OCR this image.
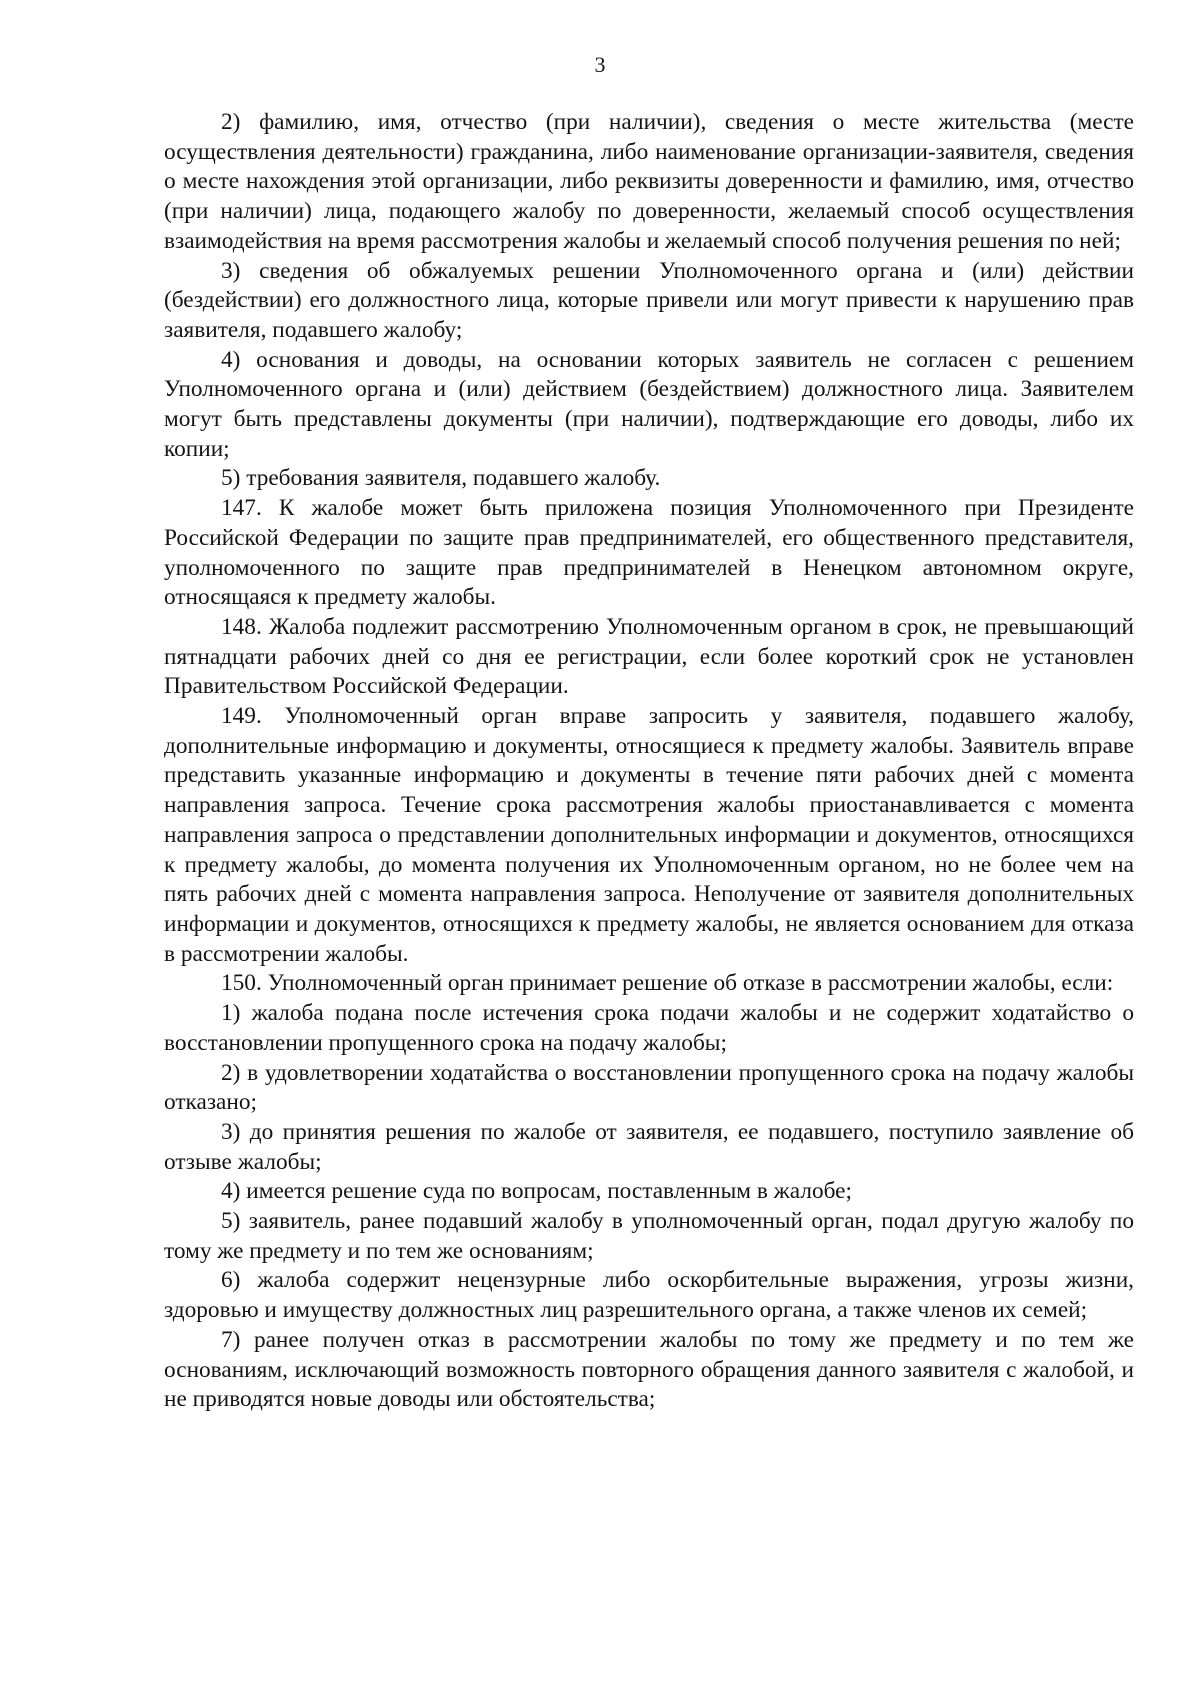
3

2) фамилию, имя, отчество (при наличии), сведения о месте жительства (месте осуществления деятельности) гражданина, либо наименование организации-заявителя, сведения о месте нахождения этой организации, либо реквизиты доверенности и фамилию, имя, отчество (при наличии) лица, подающего жалобу по доверенности, желаемый способ осуществления взаимодействия на время рассмотрения жалобы и желаемый способ получения решения по ней;

3) сведения об обжалуемых решении Уполномоченного органа и (или) действии (бездействии) его должностного лица, которые привели или могут привести к нарушению прав заявителя, подавшего жалобу;

4) основания и доводы, на основании которых заявитель не согласен с решением Уполномоченного органа и (или) действием (бездействием) должностного лица. Заявителем могут быть представлены документы (при наличии), подтверждающие его доводы, либо их копии;

5) требования заявителя, подавшего жалобу.

147. К жалобе может быть приложена позиция Уполномоченного при Президенте Российской Федерации по защите прав предпринимателей, его общественного представителя, уполномоченного по защите прав предпринимателей в Ненецком автономном округе, относящаяся к предмету жалобы.

148. Жалоба подлежит рассмотрению Уполномоченным органом в срок, не превышающий пятнадцати рабочих дней со дня ее регистрации, если более короткий срок не установлен Правительством Российской Федерации.

149. Уполномоченный орган вправе запросить у заявителя, подавшего жалобу, дополнительные информацию и документы, относящиеся к предмету жалобы. Заявитель вправе представить указанные информацию и документы в течение пяти рабочих дней с момента направления запроса. Течение срока рассмотрения жалобы приостанавливается с момента направления запроса о представлении дополнительных информации и документов, относящихся к предмету жалобы, до момента получения их Уполномоченным органом, но не более чем на пять рабочих дней с момента направления запроса. Неполучение от заявителя дополнительных информации и документов, относящихся к предмету жалобы, не является основанием для отказа в рассмотрении жалобы.

150. Уполномоченный орган принимает решение об отказе в рассмотрении жалобы, если:

1) жалоба подана после истечения срока подачи жалобы и не содержит ходатайство о восстановлении пропущенного срока на подачу жалобы;

2) в удовлетворении ходатайства о восстановлении пропущенного срока на подачу жалобы отказано;

3) до принятия решения по жалобе от заявителя, ее подавшего, поступило заявление об отзыве жалобы;

4) имеется решение суда по вопросам, поставленным в жалобе;

5) заявитель, ранее подавший жалобу в уполномоченный орган, подал другую жалобу по тому же предмету и по тем же основаниям;

6) жалоба содержит нецензурные либо оскорбительные выражения, угрозы жизни, здоровью и имуществу должностных лиц разрешительного органа, а также членов их семей;

7) ранее получен отказ в рассмотрении жалобы по тому же предмету и по тем же основаниям, исключающий возможность повторного обращения данного заявителя с жалобой, и не приводятся новые доводы или обстоятельства;
